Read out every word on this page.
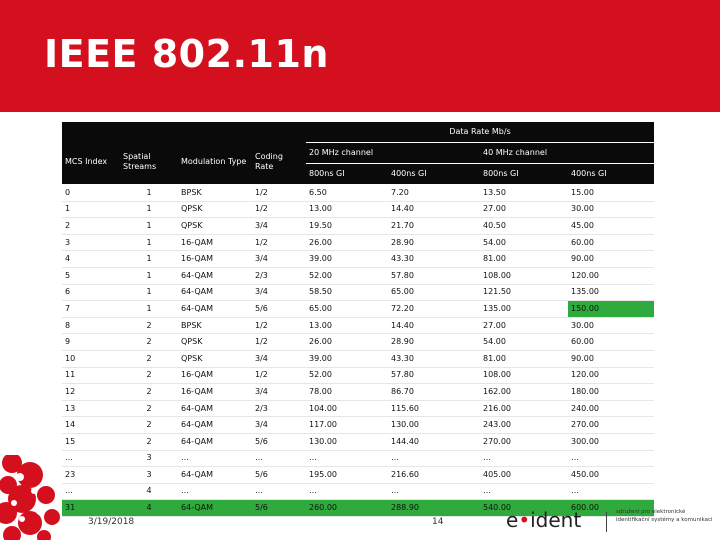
IEEE 802.11n
MCS Index	Spatial Streams	Modulation Type	Coding Rate	Data Rate Mb/s			
				20 MHz channel		40 MHz channel	
				800ns GI	400ns GI	800ns GI	400ns GI
0	1	BPSK	1/2	6.50	7.20	13.50	15.00
1	1	QPSK	1/2	13.00	14.40	27.00	30.00
2	1	QPSK	3/4	19.50	21.70	40.50	45.00
3	1	16-QAM	1/2	26.00	28.90	54.00	60.00
4	1	16-QAM	3/4	39.00	43.30	81.00	90.00
5	1	64-QAM	2/3	52.00	57.80	108.00	120.00
6	1	64-QAM	3/4	58.50	65.00	121.50	135.00
7	1	64-QAM	5/6	65.00	72.20	135.00	150.00
8	2	BPSK	1/2	13.00	14.40	27.00	30.00
9	2	QPSK	1/2	26.00	28.90	54.00	60.00
10	2	QPSK	3/4	39.00	43.30	81.00	90.00
11	2	16-QAM	1/2	52.00	57.80	108.00	120.00
12	2	16-QAM	3/4	78.00	86.70	162.00	180.00
13	2	64-QAM	2/3	104.00	115.60	216.00	240.00
14	2	64-QAM	3/4	117.00	130.00	243.00	270.00
15	2	64-QAM	5/6	130.00	144.40	270.00	300.00
…	3	…	…	…	…	…	…
23	3	64-QAM	5/6	195.00	216.60	405.00	450.00
…	4	…	…	…	…	…	…
31	4	64-QAM	5/6	260.00	288.90	540.00	600.00
3/19/2018	14	e•ident	sdružení pro elektronické
identifikační systémy a komunikaci
